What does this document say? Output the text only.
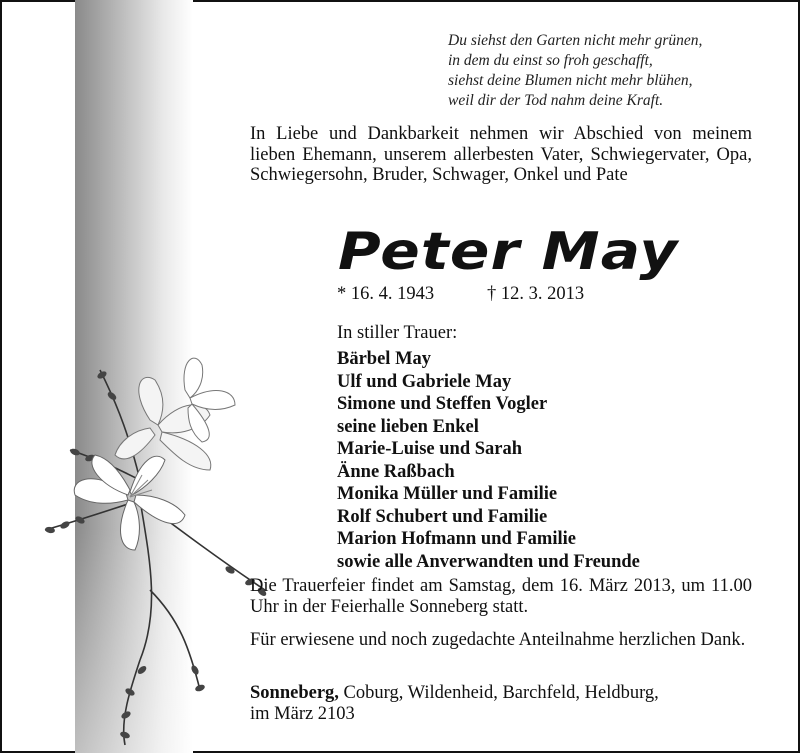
Du siehst den Garten nicht mehr grünen,
in dem du einst so froh geschafft,
siehst deine Blumen nicht mehr blühen,
weil dir der Tod nahm deine Kraft.
In Liebe und Dankbarkeit nehmen wir Abschied von meinem lieben Ehemann, unserem allerbesten Vater, Schwiegervater, Opa, Schwiegersohn, Bruder, Schwager, Onkel und Pate
Peter May
* 16. 4. 1943	† 12. 3. 2013
In stiller Trauer:
Bärbel May
Ulf und Gabriele May
Simone und Steffen Vogler
seine lieben Enkel
Marie-Luise und Sarah
Änne Raßbach
Monika Müller und Familie
Rolf Schubert und Familie
Marion Hofmann und Familie
sowie alle Anverwandten und Freunde
Die Trauerfeier findet am Samstag, dem 16. März 2013, um 11.00 Uhr in der Feierhalle Sonneberg statt.
Für erwiesene und noch zugedachte Anteilnahme herzlichen Dank.
Sonneberg, Coburg, Wildenheid, Barchfeld, Heldburg,
im März 2103
